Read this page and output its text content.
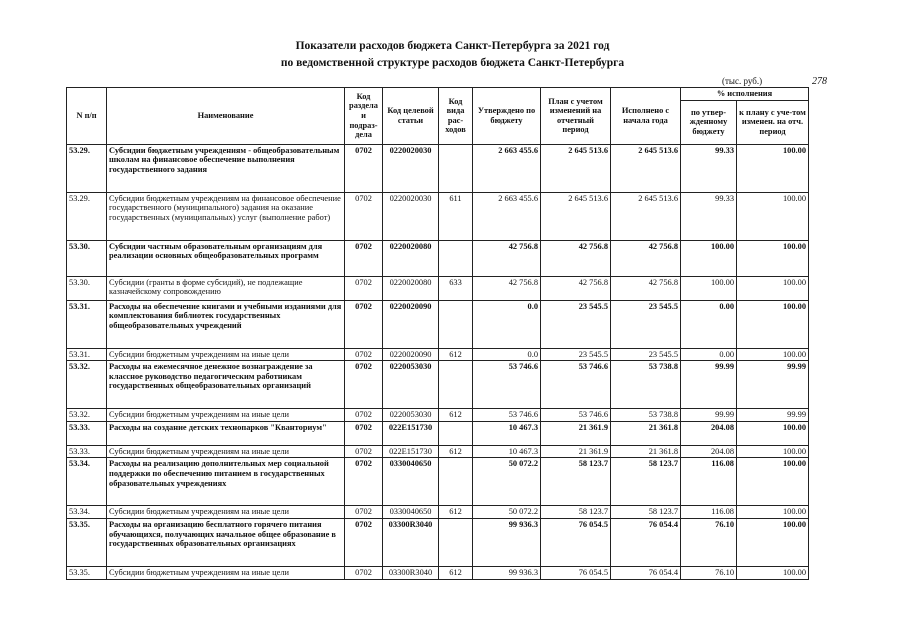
Показатели расходов бюджета Санкт-Петербурга за 2021 год
по ведомственной структуре расходов бюджета Санкт-Петербурга
(тыс. руб.)	278
N п/п	Наименование	Код раздела и подраз-дела	Код целевой статьи	Код вида рас-ходов	Утверждено по бюджету	План с учетом изменений на отчетный период	Исполнено с начала года	% исполнения	
								по утвер-жденному бюджету	к плану с уче-том изменен. на отч. период
53.29.	Субсидии бюджетным учреждениям - общеобразовательным школам на финансовое обеспечение выполнения государственного задания	0702	0220020030		2 663 455.6	2 645 513.6	2 645 513.6	99.33	100.00
53.29.	Субсидии бюджетным учреждениям на финансовое обеспечение государственного (муниципального) задания на оказание государственных (муниципальных) услуг (выполнение работ)	0702	0220020030	611	2 663 455.6	2 645 513.6	2 645 513.6	99.33	100.00
53.30.	Субсидии частным образовательным организациям для реализации основных общеобразовательных программ	0702	0220020080		42 756.8	42 756.8	42 756.8	100.00	100.00
53.30.	Субсидии (гранты в форме субсидий), не подлежащие казначейскому сопровождению	0702	0220020080	633	42 756.8	42 756.8	42 756.8	100.00	100.00
53.31.	Расходы на обеспечение книгами и учебными изданиями для комплектования библиотек государственных общеобразовательных учреждений	0702	0220020090		0.0	23 545.5	23 545.5	0.00	100.00
53.31.	Субсидии бюджетным учреждениям на иные цели	0702	0220020090	612	0.0	23 545.5	23 545.5	0.00	100.00
53.32.	Расходы на ежемесячное денежное вознаграждение за классное руководство педагогическим работникам государственных общеобразовательных организаций	0702	0220053030		53 746.6	53 746.6	53 738.8	99.99	99.99
53.32.	Субсидии бюджетным учреждениям на иные цели	0702	0220053030	612	53 746.6	53 746.6	53 738.8	99.99	99.99
53.33.	Расходы на создание детских технопарков "Кванториум"	0702	022E151730		10 467.3	21 361.9	21 361.8	204.08	100.00
53.33.	Субсидии бюджетным учреждениям на иные цели	0702	022E151730	612	10 467.3	21 361.9	21 361.8	204.08	100.00
53.34.	Расходы на реализацию дополнительных мер социальной поддержки по обеспечению питанием в государственных образовательных учреждениях	0702	0330040650		50 072.2	58 123.7	58 123.7	116.08	100.00
53.34.	Субсидии бюджетным учреждениям на иные цели	0702	0330040650	612	50 072.2	58 123.7	58 123.7	116.08	100.00
53.35.	Расходы на организацию бесплатного горячего питания обучающихся, получающих начальное общее образование в государственных образовательных организациях	0702	03300R3040		99 936.3	76 054.5	76 054.4	76.10	100.00
53.35.	Субсидии бюджетным учреждениям на иные цели	0702	03300R3040	612	99 936.3	76 054.5	76 054.4	76.10	100.00
